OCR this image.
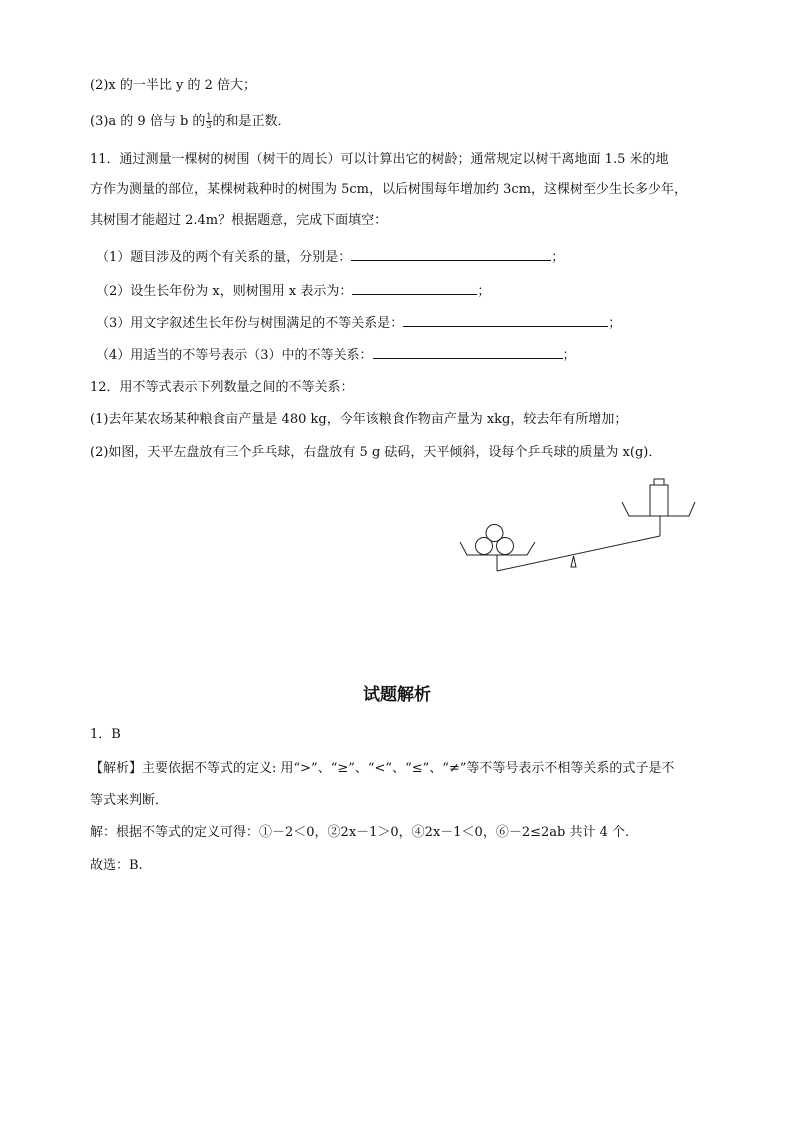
(2)x 的一半比 y 的 2 倍大；
(3)a 的 9 倍与 b 的 $\frac{1}{3}$ 的和是正数．
11．通过测量一棵树的树围（树干的周长）可以计算出它的树龄；通常规定以树干离地面 1.5 米的地
方作为测量的部位，某棵树栽种时的树围为 5cm，以后树围每年增加约 3cm，这棵树至少生长多少年，
其树围才能超过 2.4m？根据题意，完成下面填空：
（1）题目涉及的两个有关系的量，分别是：	；
（2）设生长年份为 x，则树围用 x 表示为：	；
（3）用文字叙述生长年份与树围满足的不等关系是：	；
（4）用适当的不等号表示（3）中的不等关系：	；
12．用不等式表示下列数量之间的不等关系：
(1)去年某农场某种粮食亩产量是 480 kg，今年该粮食作物亩产量为 xkg，较去年有所增加；
(2)如图，天平左盘放有三个乒乓球，右盘放有 5 g 砝码，天平倾斜，设每个乒乓球的质量为 x(g)．
试题解析
1．B
【解析】主要依据不等式的定义: 用“>”、“≥”、“<”、“≤”、“≠”等不等号表示不相等关系的式子是不
等式来判断．
解：根据不等式的定义可得：①－2＜0，②2x－1＞0，④2x－1＜0，⑥－2≤2ab 共计 4 个.
故选：B.
